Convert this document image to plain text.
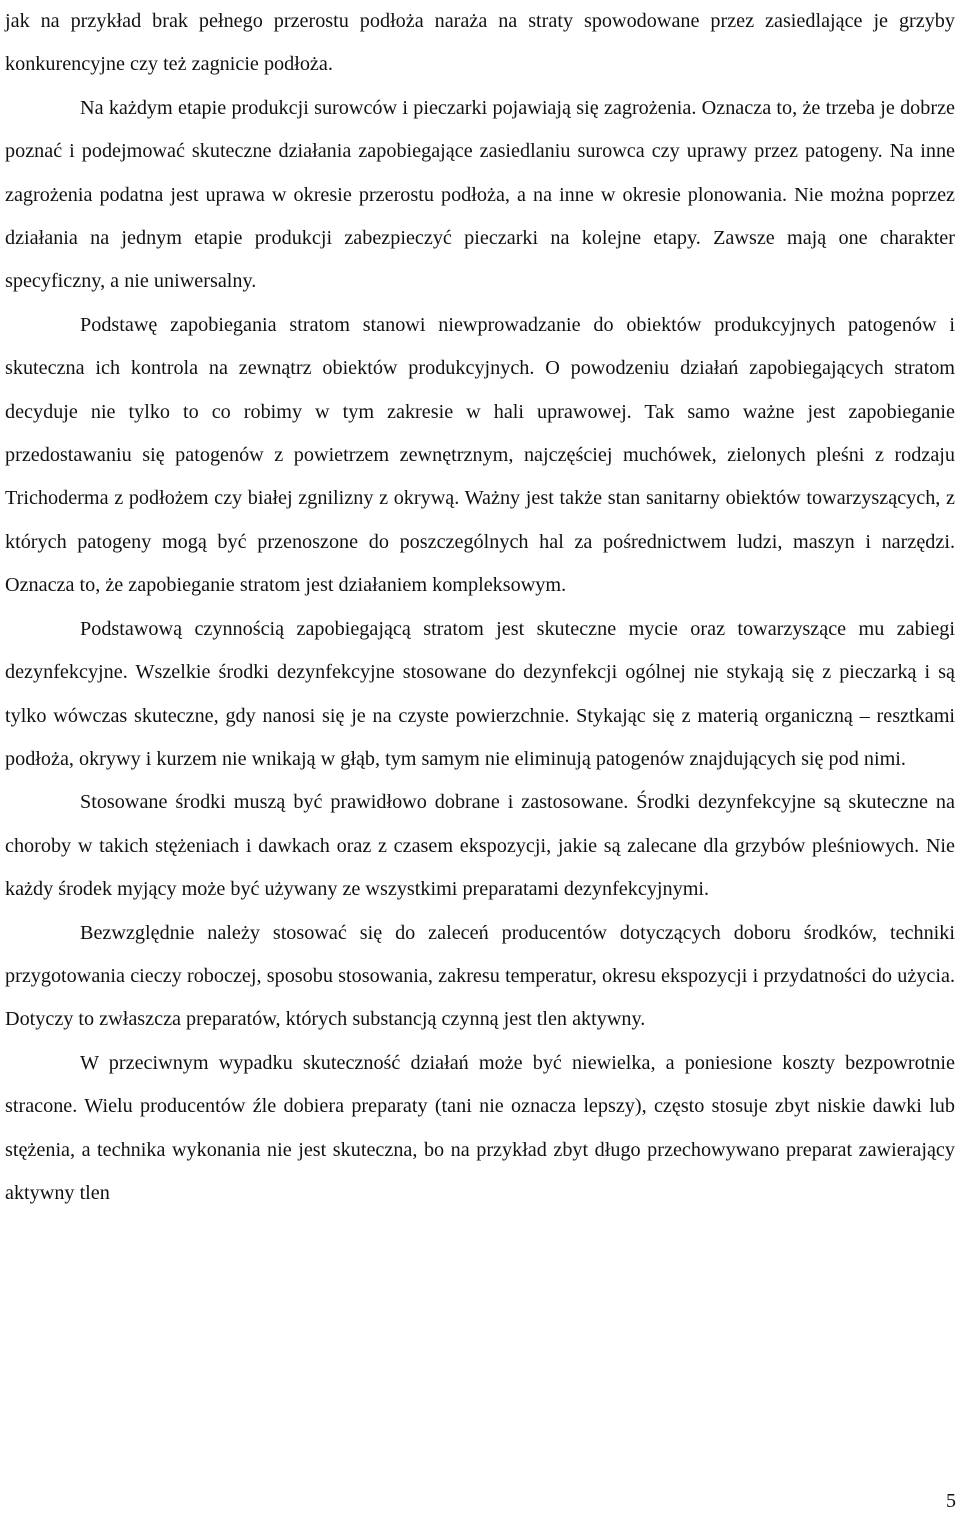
jak na przykład brak pełnego przerostu podłoża naraża na straty spowodowane przez zasiedlające je grzyby konkurencyjne czy też zagnicie podłoża.

Na każdym etapie produkcji surowców i pieczarki pojawiają się zagrożenia. Oznacza to, że trzeba je dobrze poznać i podejmować skuteczne działania zapobiegające zasiedlaniu surowca czy uprawy przez patogeny. Na inne zagrożenia podatna jest uprawa w okresie przerostu podłoża, a na inne w okresie plonowania. Nie można poprzez działania na jednym etapie produkcji zabezpieczyć pieczarki na kolejne etapy. Zawsze mają one charakter specyficzny, a nie uniwersalny.

Podstawę zapobiegania stratom stanowi niewprowadzanie do obiektów produkcyjnych patogenów i skuteczna ich kontrola na zewnątrz obiektów produkcyjnych. O powodzeniu działań zapobiegających stratom decyduje nie tylko to co robimy w tym zakresie w hali uprawowej. Tak samo ważne jest zapobieganie przedostawaniu się patogenów z powietrzem zewnętrznym, najczęściej muchówek, zielonych pleśni z rodzaju Trichoderma z podłożem czy białej zgnilizny z okrywą. Ważny jest także stan sanitarny obiektów towarzyszących, z których patogeny mogą być przenoszone do poszczególnych hal za pośrednictwem ludzi, maszyn i narzędzi. Oznacza to, że zapobieganie stratom jest działaniem kompleksowym.

Podstawową czynnością zapobiegającą stratom jest skuteczne mycie oraz towarzyszące mu zabiegi dezynfekcyjne. Wszelkie środki dezynfekcyjne stosowane do dezynfekcji ogólnej nie stykają się z pieczarką i są tylko wówczas skuteczne, gdy nanosi się je na czyste powierzchnie. Stykając się z materią organiczną – resztkami podłoża, okrywy i kurzem nie wnikają w głąb, tym samym nie eliminują patogenów znajdujących się pod nimi.

Stosowane środki muszą być prawidłowo dobrane i zastosowane. Środki dezynfekcyjne są skuteczne na choroby w takich stężeniach i dawkach oraz z czasem ekspozycji, jakie są zalecane dla grzybów pleśniowych. Nie każdy środek myjący może być używany ze wszystkimi preparatami dezynfekcyjnymi.

Bezwzględnie należy stosować się do zaleceń producentów dotyczących doboru środków, techniki przygotowania cieczy roboczej, sposobu stosowania, zakresu temperatur, okresu ekspozycji i przydatności do użycia. Dotyczy to zwłaszcza preparatów, których substancją czynną jest tlen aktywny.

W przeciwnym wypadku skuteczność działań może być niewielka, a poniesione koszty bezpowrotnie stracone. Wielu producentów źle dobiera preparaty (tani nie oznacza lepszy), często stosuje zbyt niskie dawki lub stężenia, a technika wykonania nie jest skuteczna, bo na przykład zbyt długo przechowywano preparat zawierający aktywny tlen

5
